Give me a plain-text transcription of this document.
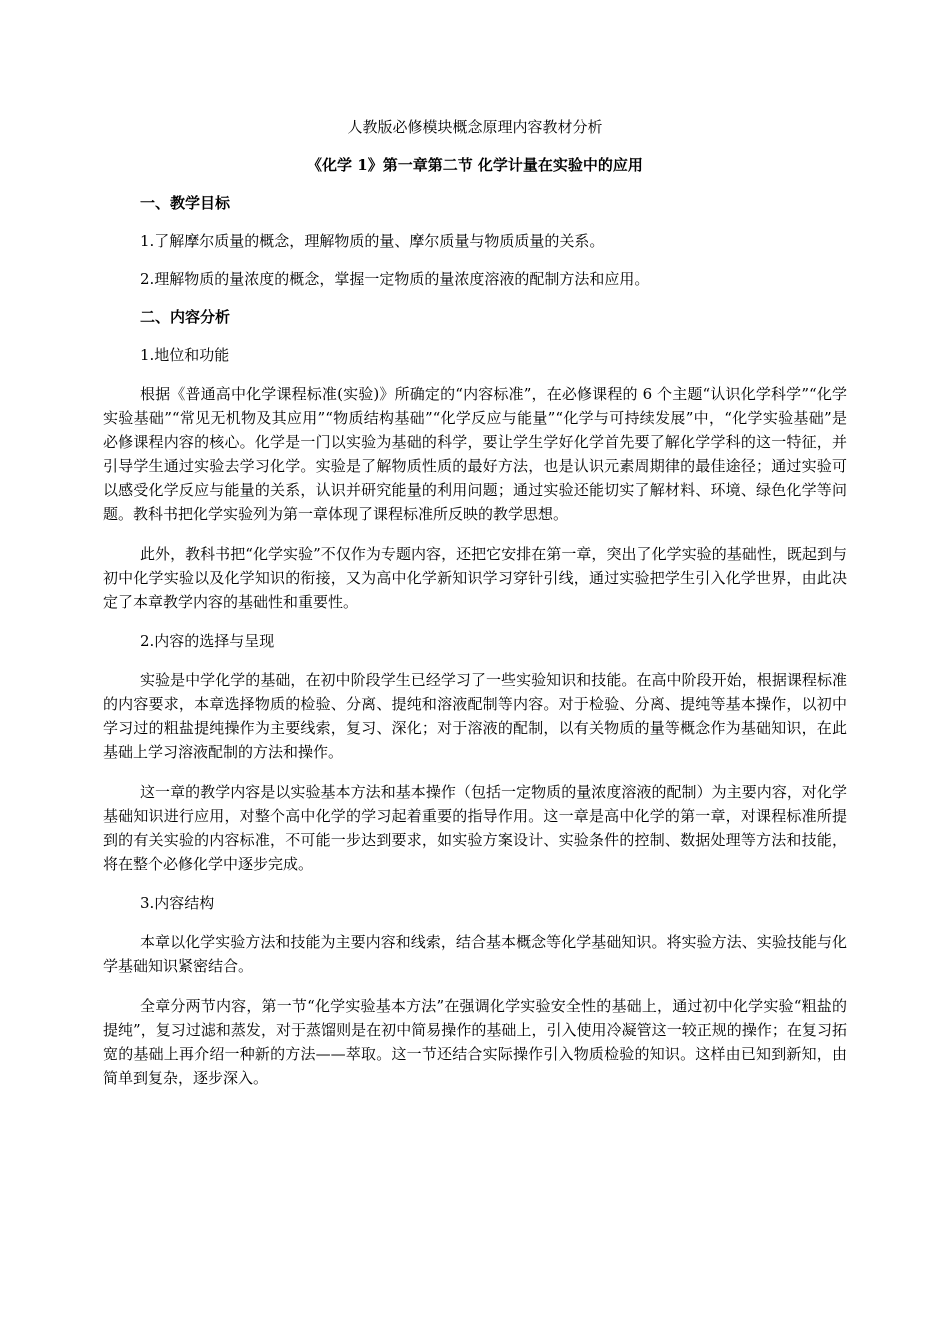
人教版必修模块概念原理内容教材分析

《化学 1》第一章第二节 化学计量在实验中的应用

一、教学目标

1.了解摩尔质量的概念，理解物质的量、摩尔质量与物质质量的关系。

2.理解物质的量浓度的概念，掌握一定物质的量浓度溶液的配制方法和应用。

二、内容分析

1.地位和功能

根据《普通高中化学课程标准(实验)》所确定的“内容标准”，在必修课程的 6 个主题“认识化学科学”“化学实验基础”“常见无机物及其应用”“物质结构基础”“化学反应与能量”“化学与可持续发展”中，“化学实验基础”是必修课程内容的核心。化学是一门以实验为基础的科学，要让学生学好化学首先要了解化学学科的这一特征，并引导学生通过实验去学习化学。实验是了解物质性质的最好方法，也是认识元素周期律的最佳途径；通过实验可以感受化学反应与能量的关系，认识并研究能量的利用问题；通过实验还能切实了解材料、环境、绿色化学等问题。教科书把化学实验列为第一章体现了课程标准所反映的教学思想。

此外，教科书把“化学实验”不仅作为专题内容，还把它安排在第一章，突出了化学实验的基础性，既起到与初中化学实验以及化学知识的衔接，又为高中化学新知识学习穿针引线，通过实验把学生引入化学世界，由此决定了本章教学内容的基础性和重要性。

2.内容的选择与呈现

实验是中学化学的基础，在初中阶段学生已经学习了一些实验知识和技能。在高中阶段开始，根据课程标准的内容要求，本章选择物质的检验、分离、提纯和溶液配制等内容。对于检验、分离、提纯等基本操作，以初中学习过的粗盐提纯操作为主要线索，复习、深化；对于溶液的配制，以有关物质的量等概念作为基础知识，在此基础上学习溶液配制的方法和操作。

这一章的教学内容是以实验基本方法和基本操作（包括一定物质的量浓度溶液的配制）为主要内容，对化学基础知识进行应用，对整个高中化学的学习起着重要的指导作用。这一章是高中化学的第一章，对课程标准所提到的有关实验的内容标准，不可能一步达到要求，如实验方案设计、实验条件的控制、数据处理等方法和技能，将在整个必修化学中逐步完成。

3.内容结构

本章以化学实验方法和技能为主要内容和线索，结合基本概念等化学基础知识。将实验方法、实验技能与化学基础知识紧密结合。

全章分两节内容，第一节“化学实验基本方法”在强调化学实验安全性的基础上，通过初中化学实验“粗盐的提纯”，复习过滤和蒸发，对于蒸馏则是在初中简易操作的基础上，引入使用冷凝管这一较正规的操作；在复习拓宽的基础上再介绍一种新的方法——萃取。这一节还结合实际操作引入物质检验的知识。这样由已知到新知，由简单到复杂，逐步深入。
